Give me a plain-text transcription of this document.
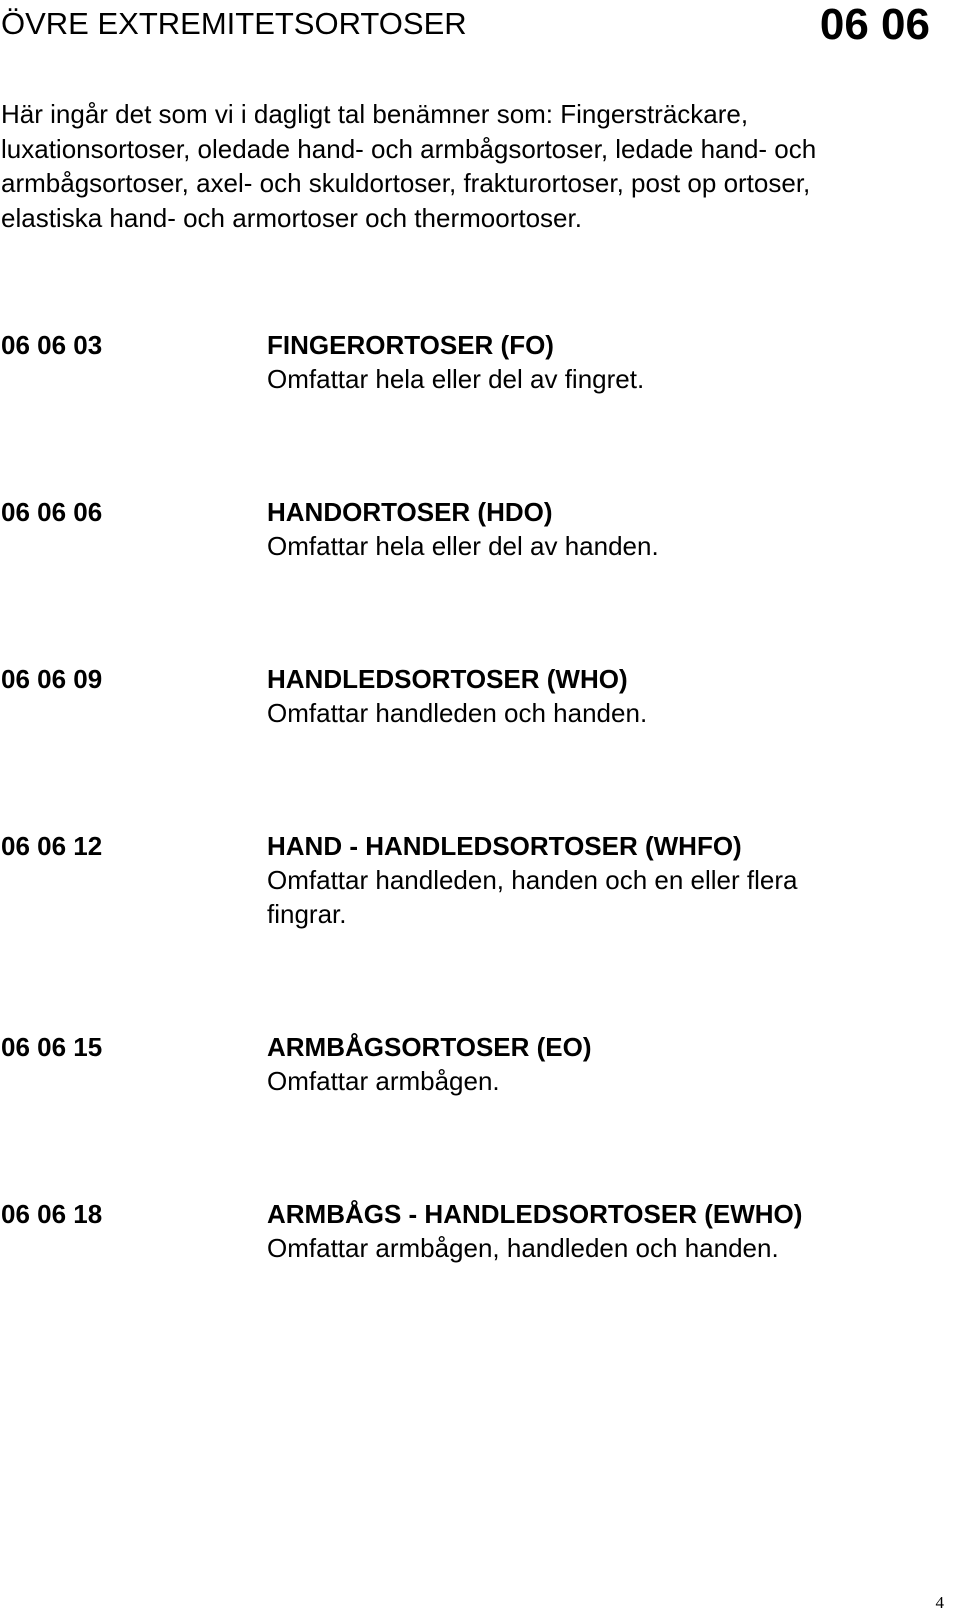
ÖVRE EXTREMITETSORTOSER	06 06
Här ingår det som vi i dagligt tal benämner som: Fingersträckare,
luxationsortoser, oledade hand- och armbågsortoser, ledade hand- och
armbågsortoser, axel- och skuldortoser, frakturortoser, post op ortoser,
elastiska hand- och armortoser och thermoortoser.
06 06 03	FINGERORTOSER (FO)
Omfattar hela eller del av fingret.
06 06 06	HANDORTOSER (HDO)
Omfattar hela eller del av handen.
06 06 09	HANDLEDSORTOSER (WHO)
Omfattar handleden och handen.
06 06 12	HAND - HANDLEDSORTOSER (WHFO)
Omfattar handleden, handen och en eller flera
fingrar.
06 06 15	ARMBÅGSORTOSER (EO)
Omfattar armbågen.
06 06 18	ARMBÅGS - HANDLEDSORTOSER (EWHO)
Omfattar armbågen, handleden och handen.
4
